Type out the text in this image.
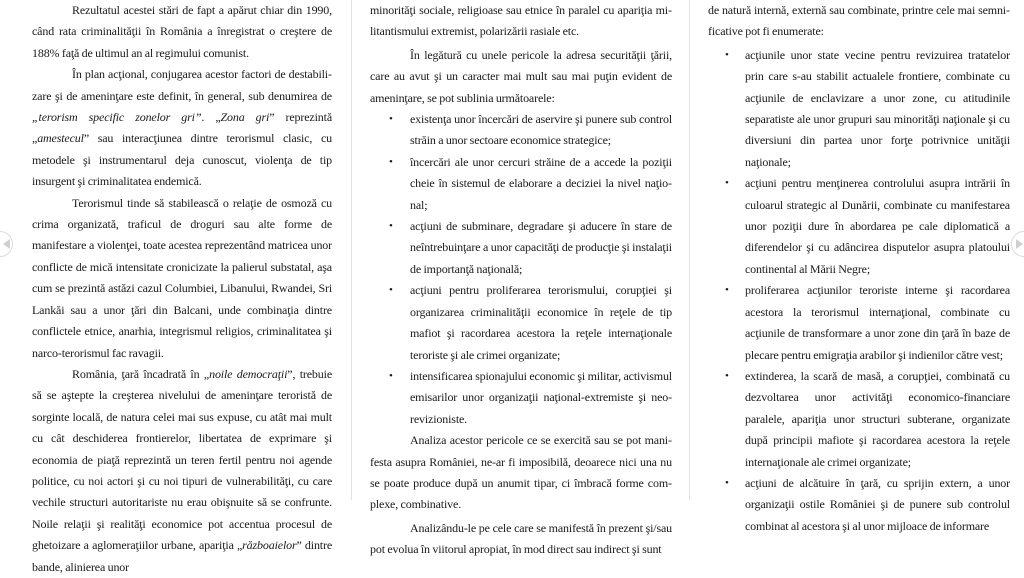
Rezultatul acestei stări de fapt a apărut chiar din 1990, când rata criminalităţii în România a înregistrat o creştere de 188% faţă de ultimul an al regimului comunist.

În plan acţional, conjugarea acestor factori de destabilizare şi de ameninţare este definit, în general, sub denumirea de „terorism specific zonelor gri”. „Zona gri” reprezintă „amestecul” sau interacţiunea dintre terorismul clasic, cu metodele şi instrumentarul deja cunoscut, violenţa de tip insurgent şi criminalitatea endemică.

Terorismul tinde să stabilească o relaţie de osmoză cu crima organizată, traficul de droguri sau alte forme de manifestare a violenţei, toate acestea reprezentând matricea unor conflicte de mică intensitate cronicizate la palierul substatal, aşa cum se prezintă astăzi cazul Columbiei, Libanului, Rwandei, Sri Lankăi sau a unor ţări din Balcani, unde combinaţia dintre conflictele etnice, anarhia, integrismul religios, criminalitatea şi narco-terorismul fac ravagii.

România, ţară încadrată în „noile democraţii”, trebuie să se aştepte la creşterea nivelului de ameninţare teroristă de sorginte locală, de natura celei mai sus expuse, cu atât mai mult cu cât deschiderea frontierelor, libertatea de exprimare şi economia de piaţă reprezintă un teren fertil pentru noi agende politice, cu noi actori şi cu noi tipuri de vulnerabilităţi, cu care vechile structuri autoritariste nu erau obişnuite să se confrunte. Noile relaţii şi realităţi economice pot accentua procesul de ghetoizare a aglomeraţiilor urbane, apariţia „războaielor” dintre bande, alinierea unor

minorităţi sociale, religioase sau etnice în paralel cu apariţia militantismului extremist, polarizării rasiale etc.

În legătură cu unele pericole la adresa securităţii ţării, care au avut şi un caracter mai mult sau mai puţin evident de ameninţare, se pot sublinia următoarele:

• existenţa unor încercări de aservire şi punere sub control străin a unor sectoare economice strategice;
• încercări ale unor cercuri străine de a accede la poziţii cheie în sistemul de elaborare a deciziei la nivel naţional;
• acţiuni de subminare, degradare şi aducere în stare de neîntrebuinţare a unor capacităţi de producţie şi instalaţii de importanţă naţională;
• acţiuni pentru proliferarea terorismului, corupţiei şi organizarea criminalităţii economice în reţele de tip mafiot şi racordarea acestora la reţele internaţionale teroriste şi ale crimei organizate;
• intensificarea spionajului economic şi militar, activismul emisarilor unor organizaţii naţional-extremiste şi neo-revizioniste.

Analiza acestor pericole ce se exercită sau se pot manifesta asupra României, ne-ar fi imposibilă, deoarece nici una nu se poate produce după un anumit tipar, ci îmbracă forme complexe, combinative.

Analizându-le pe cele care se manifestă în prezent şi/sau pot evolua în viitorul apropiat, în mod direct sau indirect şi sunt

de natură internă, externă sau combinate, printre cele mai semnificative pot fi enumerate:

• acţiunile unor state vecine pentru revizuirea tratatelor prin care s-au stabilit actualele frontiere, combinate cu acţiunile de enclavizare a unor zone, cu atitudinile separatiste ale unor grupuri sau minorităţi naţionale şi cu diversiuni din partea unor forţe potrivnice unităţii naţionale;
• acţiuni pentru menţinerea controlului asupra intrării în culoarul strategic al Dunării, combinate cu manifestarea unor poziţii dure în abordarea pe cale diplomatică a diferendelor şi cu adâncirea disputelor asupra platoului continental al Mării Negre;
• proliferarea acţiunilor teroriste interne şi racordarea acestora la terorismul internaţional, combinate cu acţiunile de transformare a unor zone din ţară în baze de plecare pentru emigraţia arabilor şi indienilor către vest;
• extinderea, la scară de masă, a corupţiei, combinată cu dezvoltarea unor activităţi economico-financiare paralele, apariţia unor structuri subterane, organizate după principii mafiote şi racordarea acestora la reţele internaţionale ale crimei organizate;
• acţiuni de alcătuire în ţară, cu sprijin extern, a unor organizaţii ostile României şi de punere sub controlul combinat al acestora şi al unor mijloace de informare
